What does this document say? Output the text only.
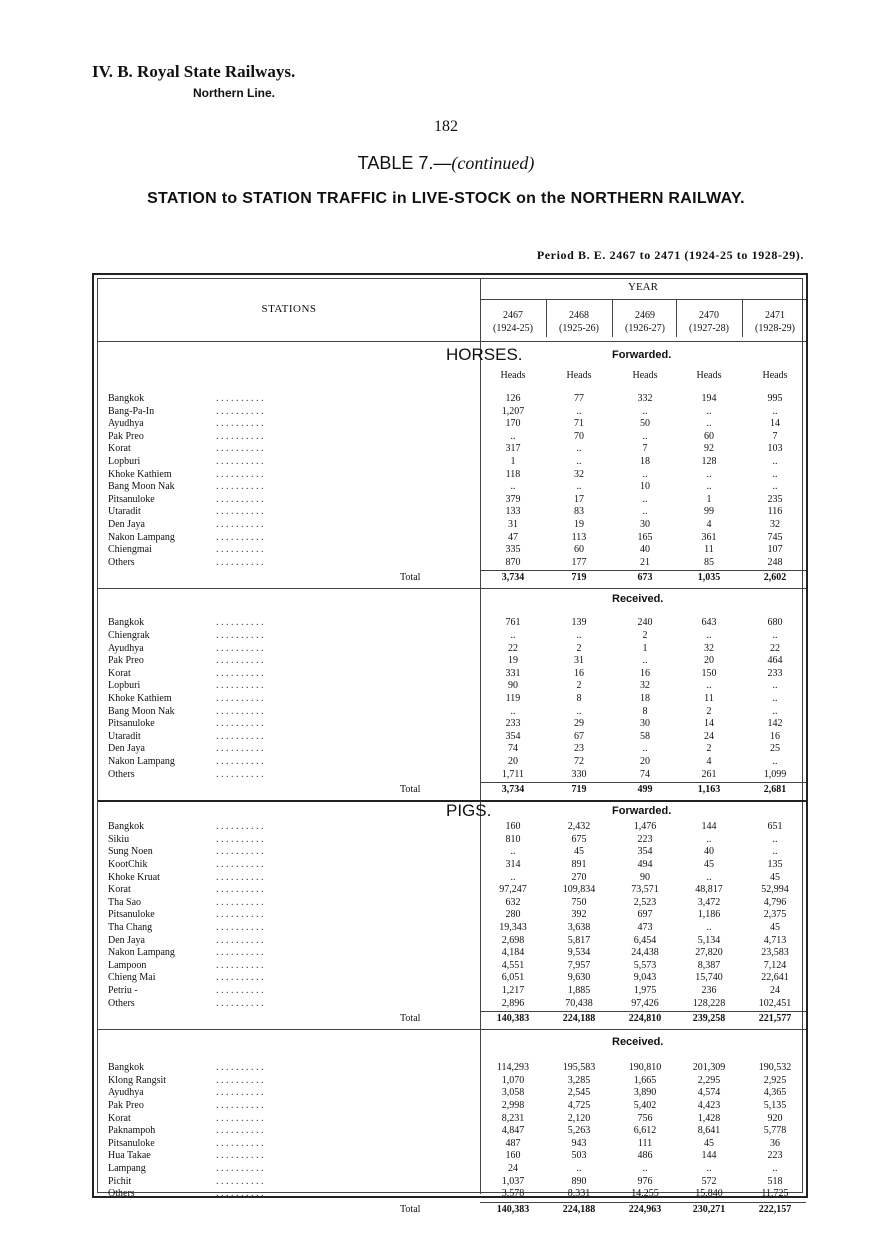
IV. B. Royal State Railways.
Northern Line.
182
TABLE 7.—(continued)
STATION to STATION TRAFFIC in LIVE-STOCK on the NORTHERN RAILWAY.
Period B. E. 2467 to 2471 (1924-25 to 1928-29).
STATIONS
YEAR
2467
(1924-25)
2468
(1925-26)
2469
(1926-27)
2470
(1927-28)
2471
(1928-29)
HORSES.	Forwarded.
Heads	Heads	Heads	Heads	Heads
Bangkok	. . . . . . . . . .	126	77	332	194	995
Bang-Pa-In	. . . . . . . . . .	1,207	..	..	..	..
Ayudhya	. . . . . . . . . .	170	71	50	..	14
Pak Preo	. . . . . . . . . .	..	70	..	60	7
Korat	. . . . . . . . . .	317	..	7	92	103
Lopburi	. . . . . . . . . .	1	..	18	128	..
Khoke Kathiem	. . . . . . . . . .	118	32	..	..	..
Bang Moon Nak	. . . . . . . . . .	..	..	10	..	..
Pitsanuloke	. . . . . . . . . .	379	17	..	1	235
Utaradit	. . . . . . . . . .	133	83	..	99	116
Den Jaya	. . . . . . . . . .	31	19	30	4	32
Nakon Lampang	. . . . . . . . . .	47	113	165	361	745
Chiengmai	. . . . . . . . . .	335	60	40	11	107
Others	. . . . . . . . . .	870	177	21	85	248
Total	3,734	719	673	1,035	2,602
Received.
Bangkok	. . . . . . . . . .	761	139	240	643	680
Chiengrak	. . . . . . . . . .	..	..	2	..	..
Ayudhya	. . . . . . . . . .	22	2	1	32	22
Pak Preo	. . . . . . . . . .	19	31	..	20	464
Korat	. . . . . . . . . .	331	16	16	150	233
Lopburi	. . . . . . . . . .	90	2	32	..	..
Khoke Kathiem	. . . . . . . . . .	119	8	18	11	..
Bang Moon Nak	. . . . . . . . . .	..	..	8	2	..
Pitsanuloke	. . . . . . . . . .	233	29	30	14	142
Utaradit	. . . . . . . . . .	354	67	58	24	16
Den Jaya	. . . . . . . . . .	74	23	..	2	25
Nakon Lampang	. . . . . . . . . .	20	72	20	4	..
Others	. . . . . . . . . .	1,711	330	74	261	1,099
Total	3,734	719	499	1,163	2,681
PIGS.	Forwarded.
Bangkok	. . . . . . . . . .	160	2,432	1,476	144	651
Sikiu	. . . . . . . . . .	810	675	223	..	..
Sung Noen	. . . . . . . . . .	..	45	354	40	..
KootChik	. . . . . . . . . .	314	891	494	45	135
Khoke Kruat	. . . . . . . . . .	..	270	90	..	45
Korat	. . . . . . . . . .	97,247	109,834	73,571	48,817	52,994
Tha Sao	. . . . . . . . . .	632	750	2,523	3,472	4,796
Pitsanuloke	. . . . . . . . . .	280	392	697	1,186	2,375
Tha Chang	. . . . . . . . . .	19,343	3,638	473	..	45
Den Jaya	. . . . . . . . . .	2,698	5,817	6,454	5,134	4,713
Nakon Lampang	. . . . . . . . . .	4,184	9,534	24,438	27,820	23,583
Lampoon	. . . . . . . . . .	4,551	7,957	5,573	8,387	7,124
Chieng Mai	. . . . . . . . . .	6,051	9,630	9,043	15,740	22,641
Petriu -	. . . . . . . . . .	1,217	1,885	1,975	236	24
Others	. . . . . . . . . .	2,896	70,438	97,426	128,228	102,451
Total	140,383	224,188	224,810	239,258	221,577
Received.
Bangkok	. . . . . . . . . .	114,293	195,583	190,810	201,309	190,532
Klong Rangsit	. . . . . . . . . .	1,070	3,285	1,665	2,295	2,925
Ayudhya	. . . . . . . . . .	3,058	2,545	3,890	4,574	4,365
Pak Preo	. . . . . . . . . .	2,998	4,725	5,402	4,423	5,135
Korat	. . . . . . . . . .	8,231	2,120	756	1,428	920
Paknampoh	. . . . . . . . . .	4,847	5,263	6,612	8,641	5,778
Pitsanuloke	. . . . . . . . . .	487	943	111	45	36
Hua Takae	. . . . . . . . . .	160	503	486	144	223
Lampang	. . . . . . . . . .	24	..	..	..	..
Pichit	. . . . . . . . . .	1,037	890	976	572	518
Others	. . . . . . . . . .	3,578	8,331	14,255	15,840	11,725
Total	140,383	224,188	224,963	230,271	222,157
